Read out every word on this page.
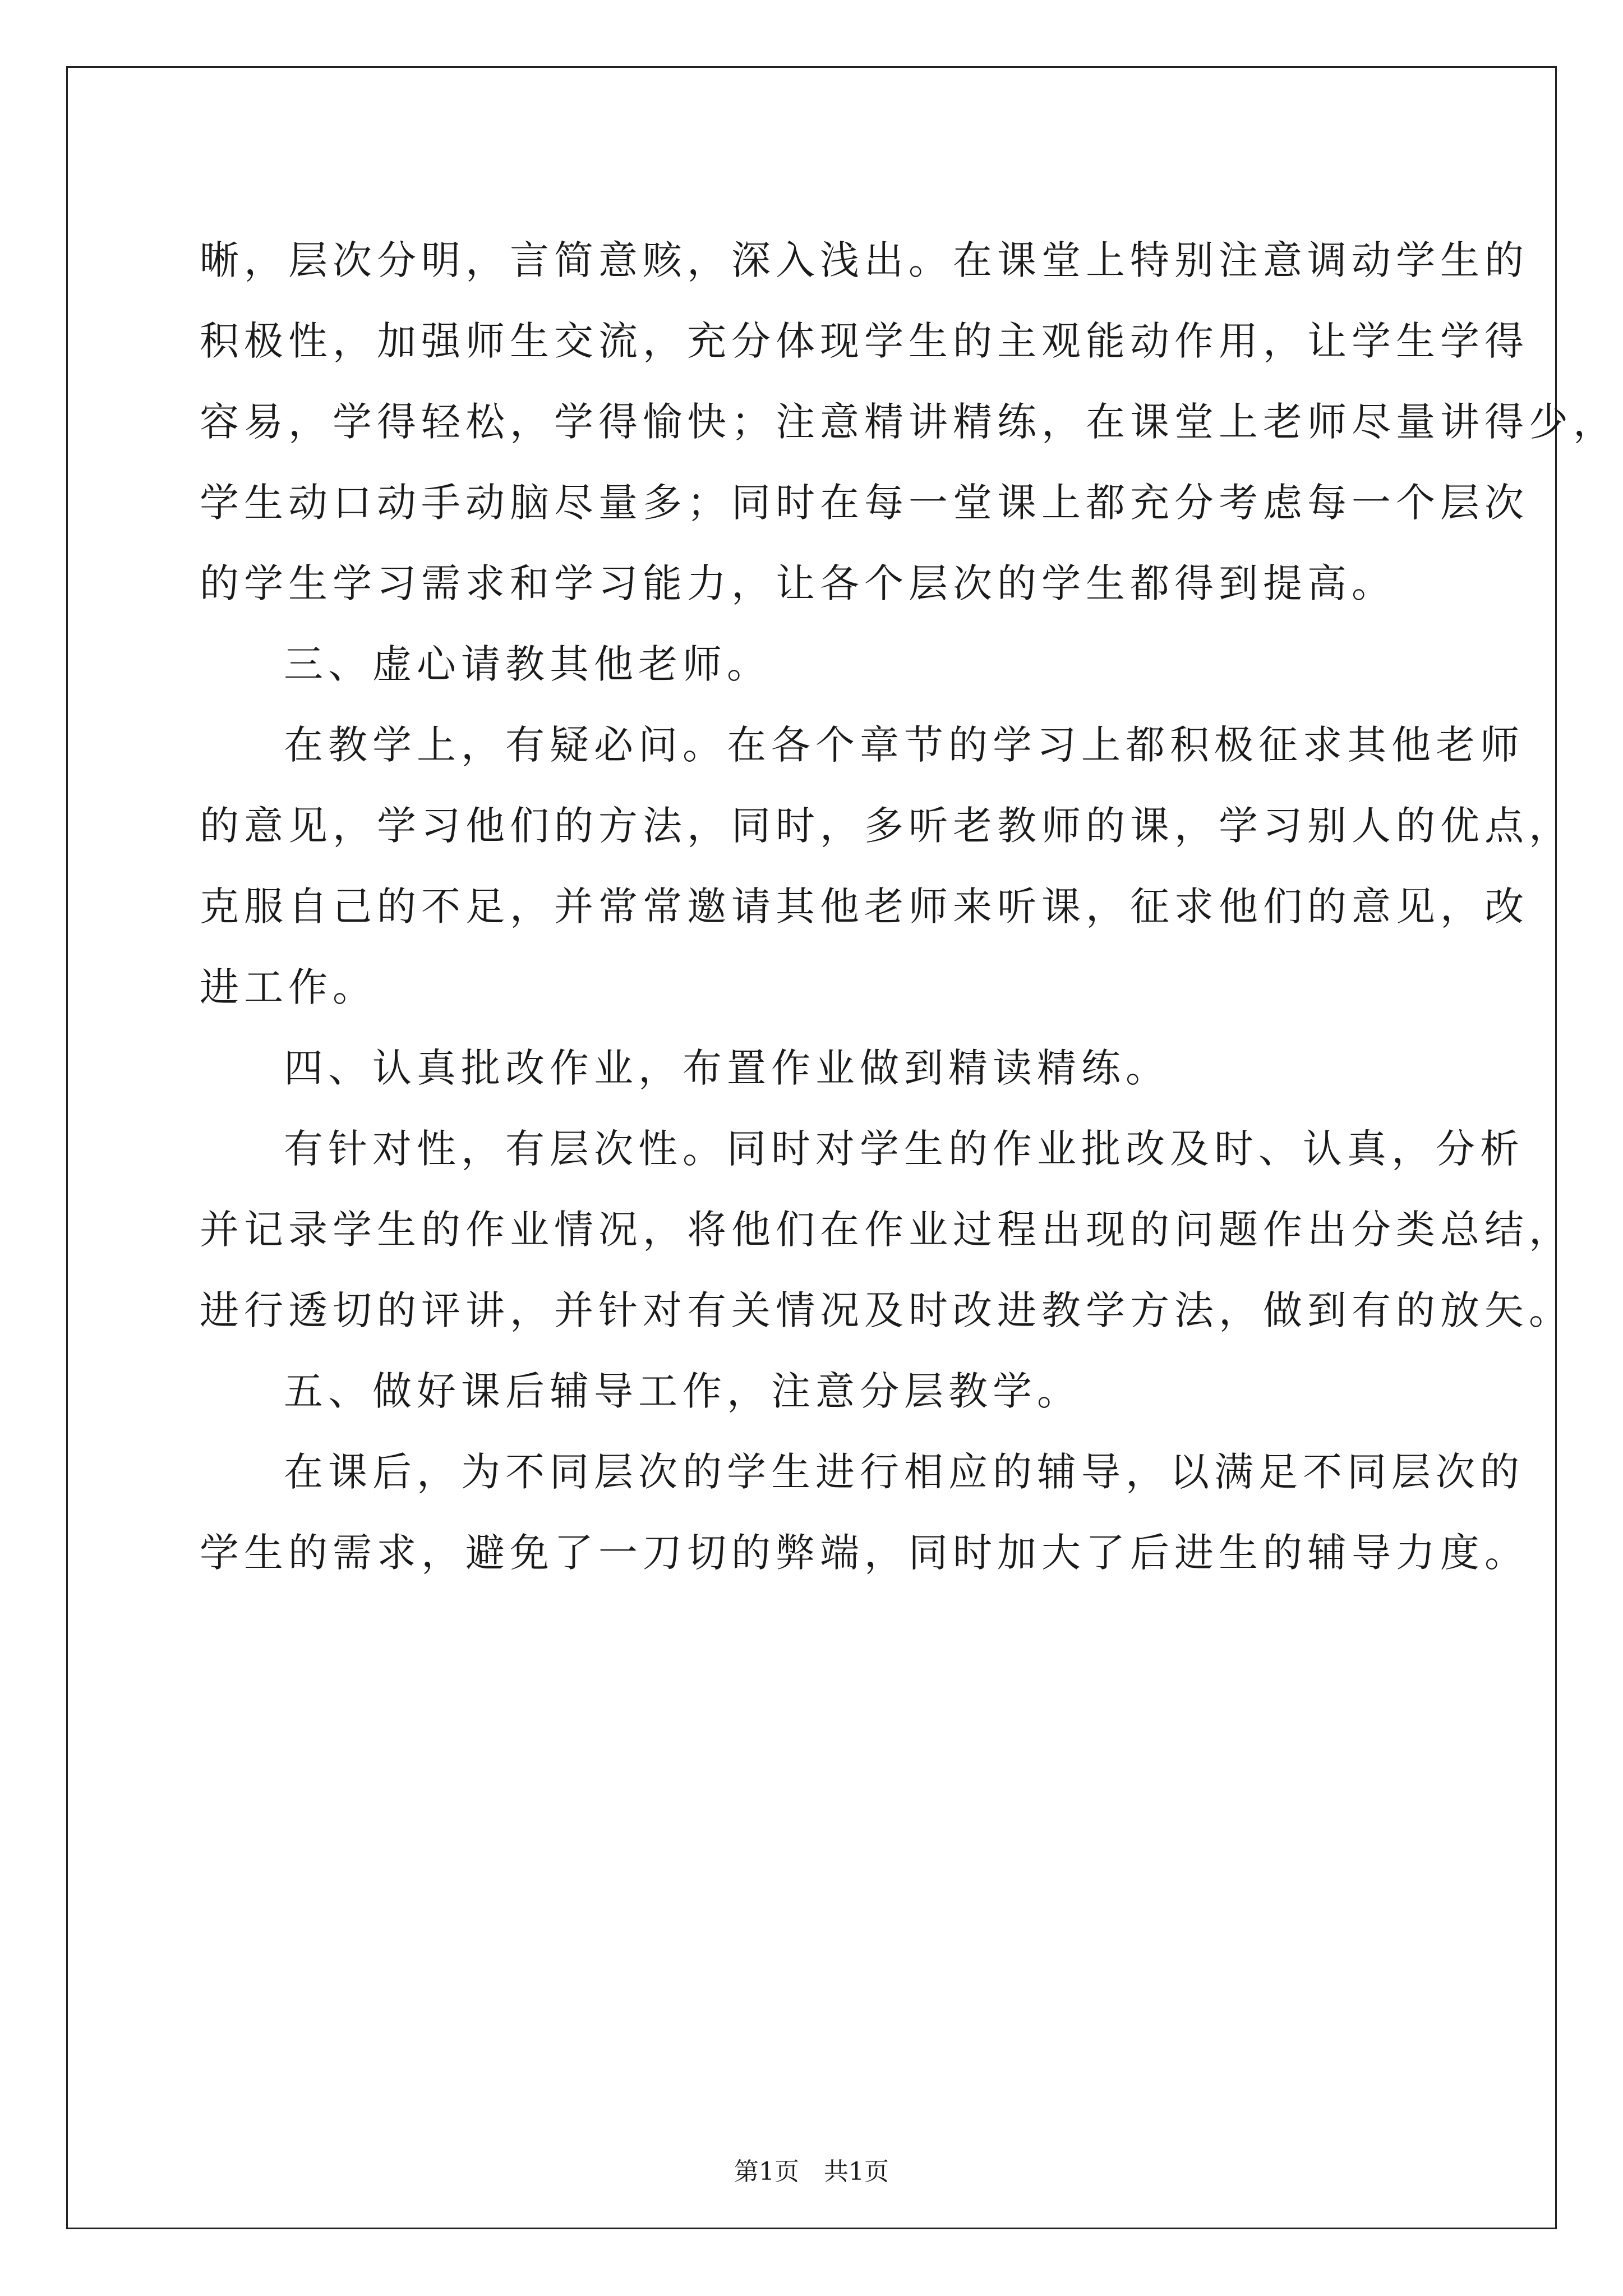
晰，层次分明，言简意赅，深入浅出。在课堂上特别注意调动学生的
积极性，加强师生交流，充分体现学生的主观能动作用，让学生学得
容易，学得轻松，学得愉快；注意精讲精练，在课堂上老师尽量讲得少，
学生动口动手动脑尽量多；同时在每一堂课上都充分考虑每一个层次
的学生学习需求和学习能力，让各个层次的学生都得到提高。
三、虚心请教其他老师。
在教学上，有疑必问。在各个章节的学习上都积极征求其他老师
的意见，学习他们的方法，同时，多听老教师的课，学习别人的优点，
克服自己的不足，并常常邀请其他老师来听课，征求他们的意见，改
进工作。
四、认真批改作业，布置作业做到精读精练。
有针对性，有层次性。同时对学生的作业批改及时、认真，分析
并记录学生的作业情况，将他们在作业过程出现的问题作出分类总结，
进行透切的评讲，并针对有关情况及时改进教学方法，做到有的放矢。
五、做好课后辅导工作，注意分层教学。
在课后，为不同层次的学生进行相应的辅导，以满足不同层次的
学生的需求，避免了一刀切的弊端，同时加大了后进生的辅导力度。
第1页　共1页
